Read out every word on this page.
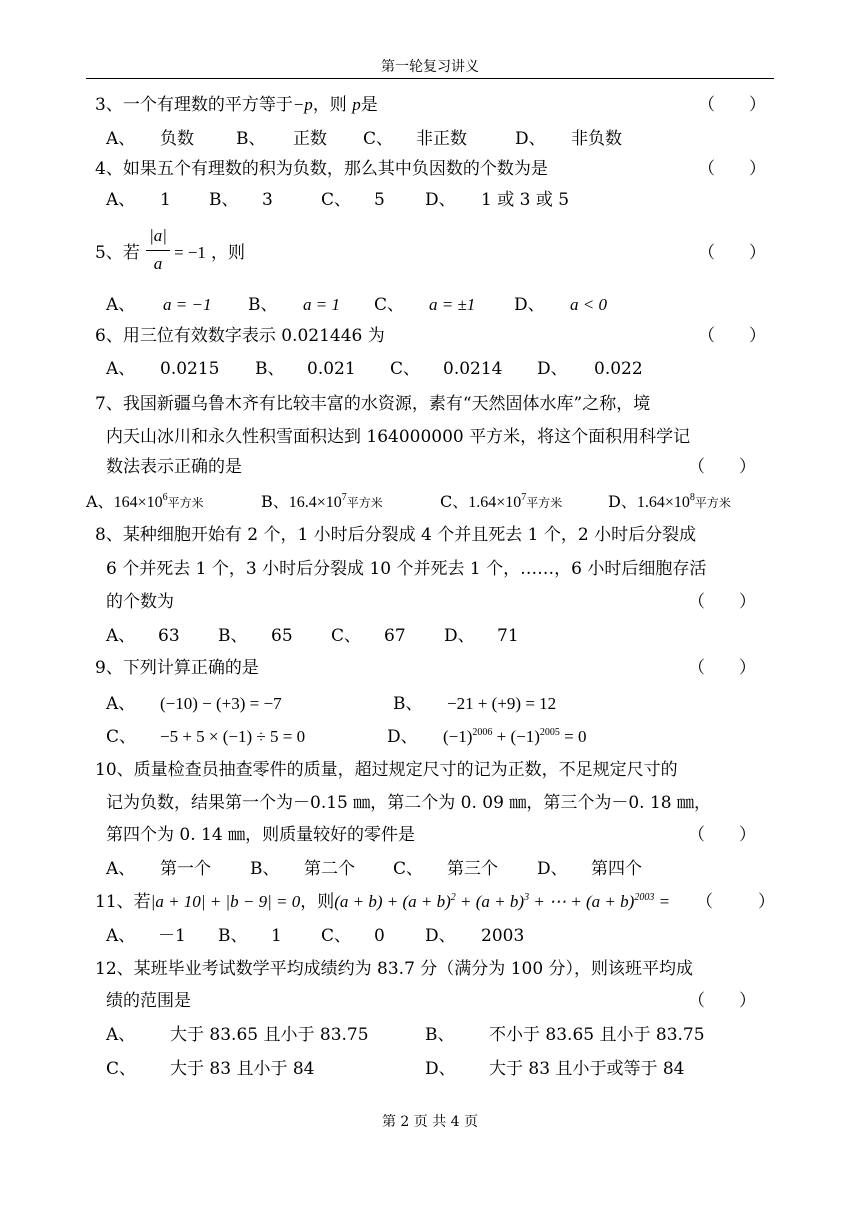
第一轮复习讲义
3、一个有理数的平方等于−p，则 p是	（　　）
A、 负数 B、 正数 C、 非正数	D、 非负数
4、如果五个有理数的积为负数，那么其中负因数的个数为是	（　　）
A、 1 B、 3	C、 5 D、 1 或 3 或 5
5、若
|a|
a
= −1 ，则	（　　）
A、 a = −1 B、 a = 1 C、 a = ±1 D、 a < 0
6、用三位有效数字表示 0.021446 为	（　　）
A、 0.0215 B、 0.021 C、 0.0214 D、 0.022
7、我国新疆乌鲁木齐有比较丰富的水资源，素有“天然固体水库”之称，境
内天山冰川和永久性积雪面积达到 164000000 平方米，将这个面积用科学记
数法表示正确的是	（　　）
A、$164\times 10^6$平方米	B、$16.4\times 10^7$平方米	C、$1.64\times 10^7$平方米	D、$1.64\times 10^8$平方米
8、某种细胞开始有 2 个，1 小时后分裂成 4 个并且死去 1 个，2 小时后分裂成
6 个并死去 1 个，3 小时后分裂成 10 个并死去 1 个，……，6 小时后细胞存活
的个数为	（　　）
A、 63 B、 65 C、 67 D、 71
9、下列计算正确的是	（　　）
A、 (−10) − (+3) = −7	B、 −21 + (+9) = 12
C、 −5 + 5 × (−1) ÷ 5 = 0	D、 $(-1)^{2006} + (-1)^{2005} = 0$
10、质量检查员抽查零件的质量，超过规定尺寸的记为正数，不足规定尺寸的
记为负数，结果第一个为－0.15 ㎜，第二个为 0. 09 ㎜，第三个为－0. 18 ㎜，
第四个为 0. 14 ㎜，则质量较好的零件是	（　　）
A、 第一个 B、 第二个 C、 第三个 D、 第四个
11、若|a + 10| + |b − 9| = 0，则$(a + b) + (a + b)^2 + (a + b)^3$ + ⋯ + $(a + b)^{2003}$ = （	）
A、 －1 B、 1 C、 0 D、 2003
12、某班毕业考试数学平均成绩约为 83.7 分（满分为 100 分），则该班平均成
绩的范围是	（　　）
A、 大于 83.65 且小于 83.75	B、 不小于 83.65 且小于 83.75
C、 大于 83 且小于 84	D、 大于 83 且小于或等于 84
第 2 页 共 4 页
